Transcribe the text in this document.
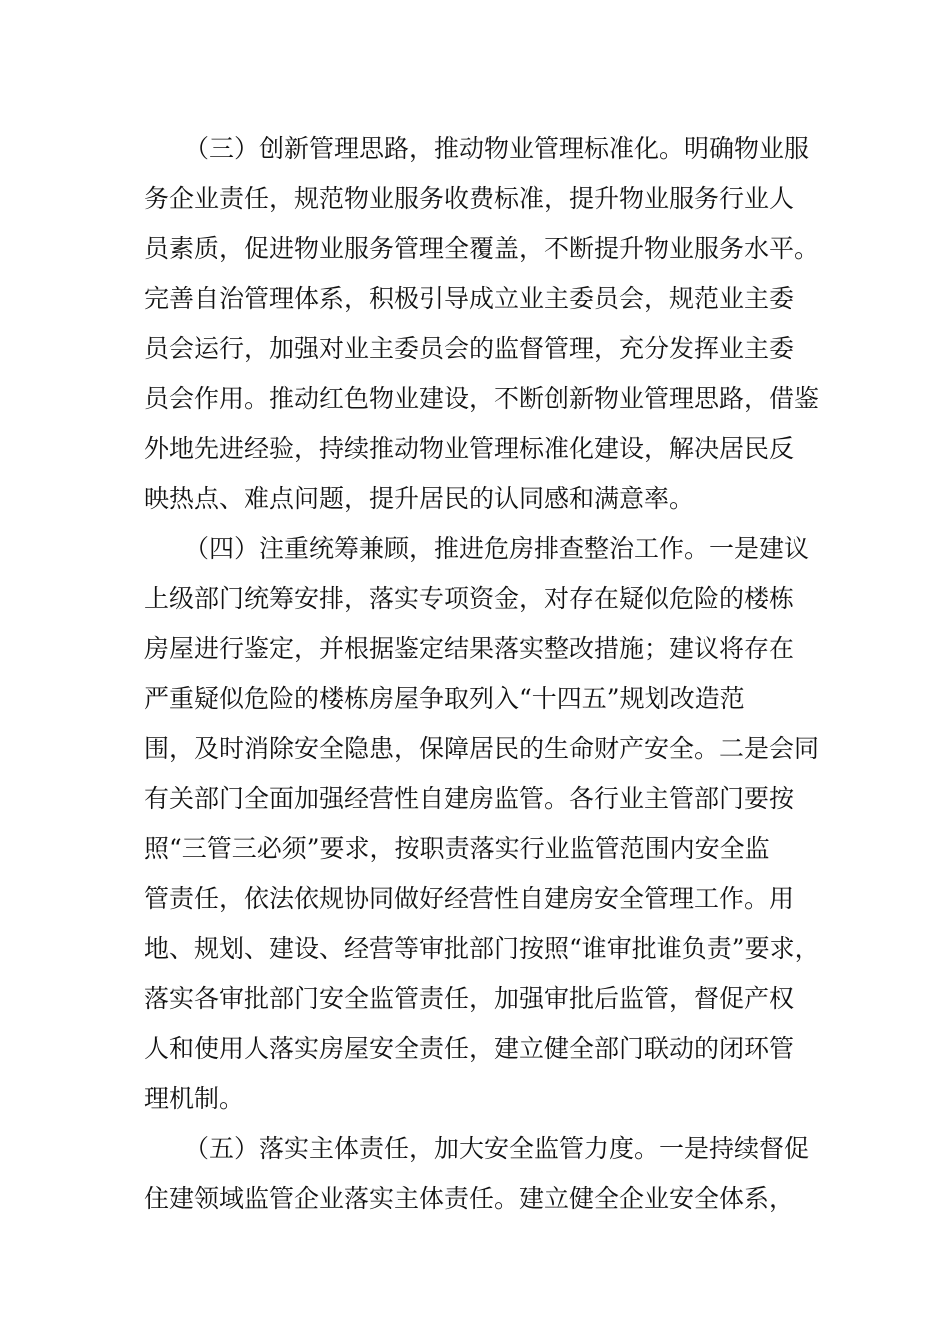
（三）创新管理思路，推动物业管理标准化。明确物业服
务企业责任，规范物业服务收费标准，提升物业服务行业人
员素质，促进物业服务管理全覆盖，不断提升物业服务水平。
完善自治管理体系，积极引导成立业主委员会，规范业主委
员会运行，加强对业主委员会的监督管理，充分发挥业主委
员会作用。推动红色物业建设，不断创新物业管理思路，借鉴
外地先进经验，持续推动物业管理标准化建设，解决居民反
映热点、难点问题，提升居民的认同感和满意率。
（四）注重统筹兼顾，推进危房排查整治工作。一是建议
上级部门统筹安排，落实专项资金，对存在疑似危险的楼栋
房屋进行鉴定，并根据鉴定结果落实整改措施；建议将存在
严重疑似危险的楼栋房屋争取列入“十四五”规划改造范
围，及时消除安全隐患，保障居民的生命财产安全。二是会同
有关部门全面加强经营性自建房监管。各行业主管部门要按
照“三管三必须”要求，按职责落实行业监管范围内安全监
管责任，依法依规协同做好经营性自建房安全管理工作。用
地、规划、建设、经营等审批部门按照“谁审批谁负责”要求，
落实各审批部门安全监管责任，加强审批后监管，督促产权
人和使用人落实房屋安全责任，建立健全部门联动的闭环管
理机制。
（五）落实主体责任，加大安全监管力度。一是持续督促
住建领域监管企业落实主体责任。建立健全企业安全体系，
